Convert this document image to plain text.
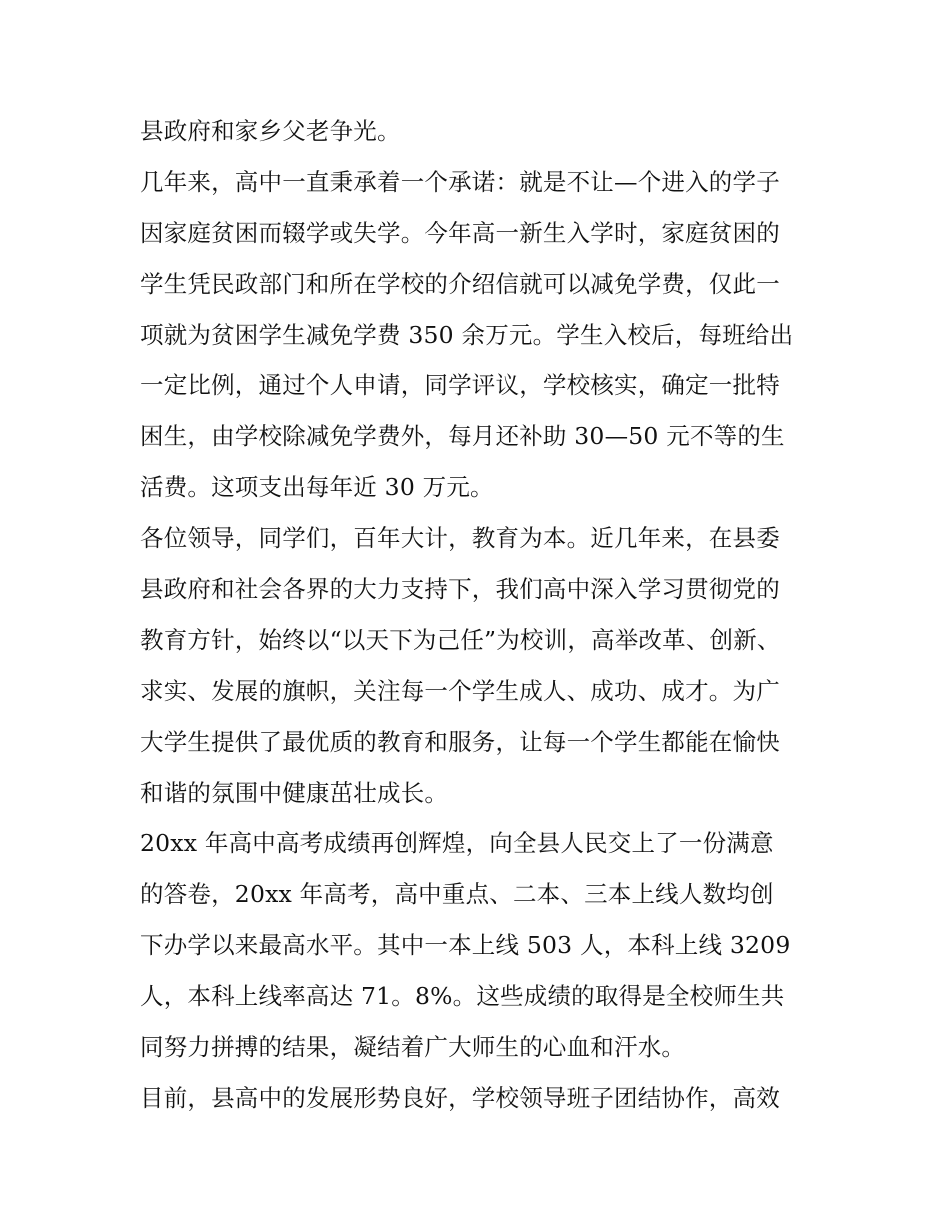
县政府和家乡父老争光。
几年来，高中一直秉承着一个承诺：就是不让—个进入的学子
因家庭贫困而辍学或失学。今年高一新生入学时，家庭贫困的
学生凭民政部门和所在学校的介绍信就可以减免学费，仅此一
项就为贫困学生减免学费 350 余万元。学生入校后，每班给出
一定比例，通过个人申请，同学评议，学校核实，确定一批特
困生，由学校除减免学费外，每月还补助 30—50 元不等的生
活费。这项支出每年近 30 万元。
各位领导，同学们，百年大计，教育为本。近几年来，在县委
县政府和社会各界的大力支持下，我们高中深入学习贯彻党的
教育方针，始终以“以天下为己任”为校训，高举改革、创新、
求实、发展的旗帜，关注每一个学生成人、成功、成才。为广
大学生提供了最优质的教育和服务，让每一个学生都能在愉快
和谐的氛围中健康茁壮成长。
20xx 年高中高考成绩再创辉煌，向全县人民交上了一份满意
的答卷，20xx 年高考，高中重点、二本、三本上线人数均创
下办学以来最高水平。其中一本上线 503 人，本科上线 3209
人，本科上线率高达 71。8%。这些成绩的取得是全校师生共
同努力拼搏的结果，凝结着广大师生的心血和汗水。
目前，县高中的发展形势良好，学校领导班子团结协作，高效
